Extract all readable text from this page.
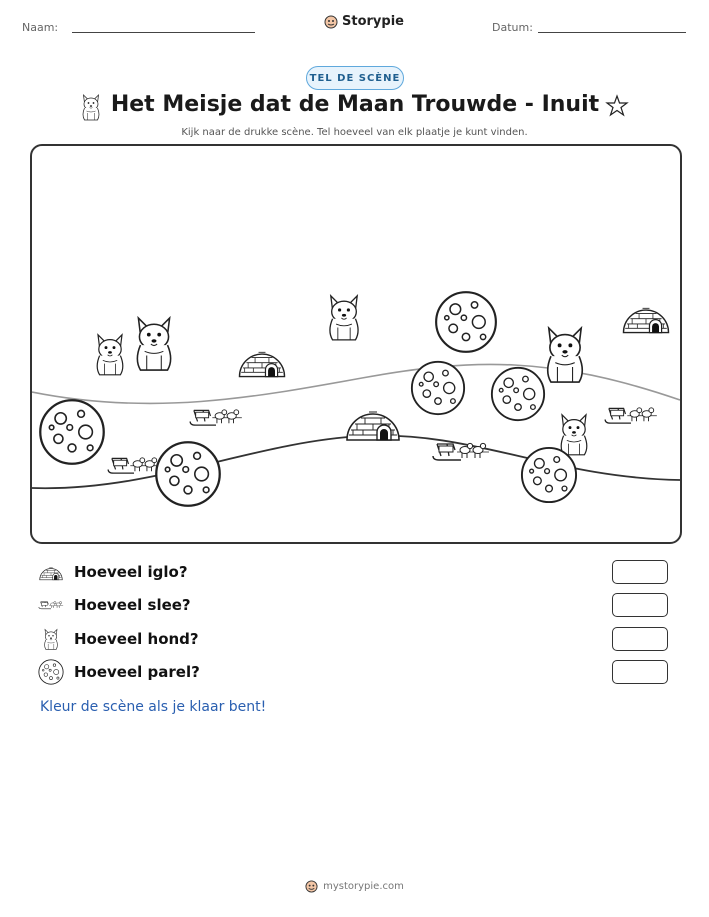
Naam:	Storypie	Datum:
TEL DE SCÈNE
Het Meisje dat de Maan Trouwde - Inuit
Kijk naar de drukke scène. Tel hoeveel van elk plaatje je kunt vinden.
Hoeveel iglo?
Hoeveel slee?
Hoeveel hond?
Hoeveel parel?
Kleur de scène als je klaar bent!
mystorypie.com
